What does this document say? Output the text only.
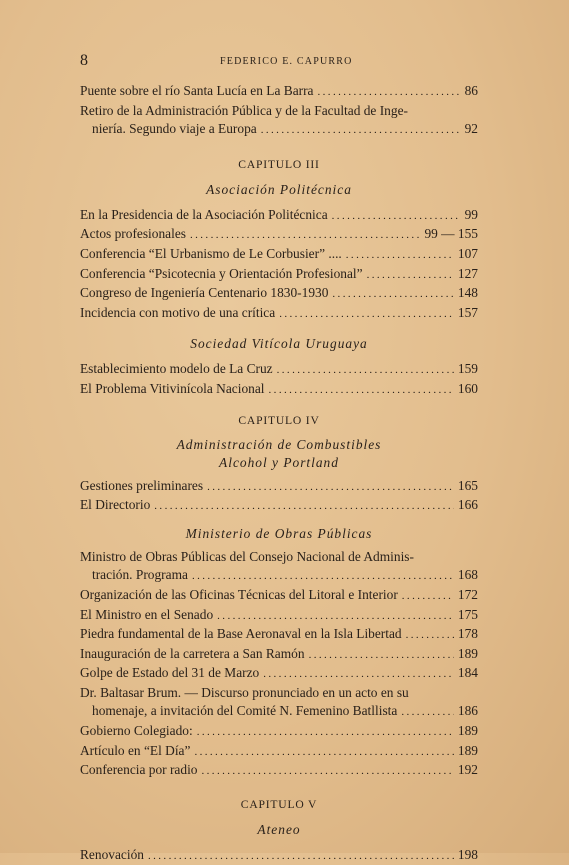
8	FEDERICO E. CAPURRO
Puente sobre el río Santa Lucía en La Barra .....	86
Retiro de la Administración Pública y de la Facultad de Inge-
niería. Segundo viaje a Europa .....	92
CAPITULO III
Asociación Politécnica
En la Presidencia de la Asociación Politécnica .....	99
Actos profesionales .....	99 — 155
Conferencia “El Urbanismo de Le Corbusier” .... .....	107
Conferencia “Psicotecnia y Orientación Profesional” .....	127
Congreso de Ingeniería Centenario 1830-1930 .....	148
Incidencia con motivo de una crítica .....	157
Sociedad Vitícola Uruguaya
Establecimiento modelo de La Cruz .....	159
El Problema Vitivinícola Nacional .....	160
CAPITULO IV
Administración de Combustibles
Alcohol y Portland
Gestiones preliminares .....	165
El Directorio .....	166
Ministerio de Obras Públicas
Ministro de Obras Públicas del Consejo Nacional de Adminis-
tración. Programa .....	168
Organización de las Oficinas Técnicas del Litoral e Interior .....	172
El Ministro en el Senado .....	175
Piedra fundamental de la Base Aeronaval en la Isla Libertad .....	178
Inauguración de la carretera a San Ramón .....	189
Golpe de Estado del 31 de Marzo .....	184
Dr. Baltasar Brum. — Discurso pronunciado en un acto en su
homenaje, a invitación del Comité N. Femenino Batllista .....	186
Gobierno Colegiado: .....	189
Artículo en “El Día” .....	189
Conferencia por radio .....	192
CAPITULO V
Ateneo
Renovación .....	198
